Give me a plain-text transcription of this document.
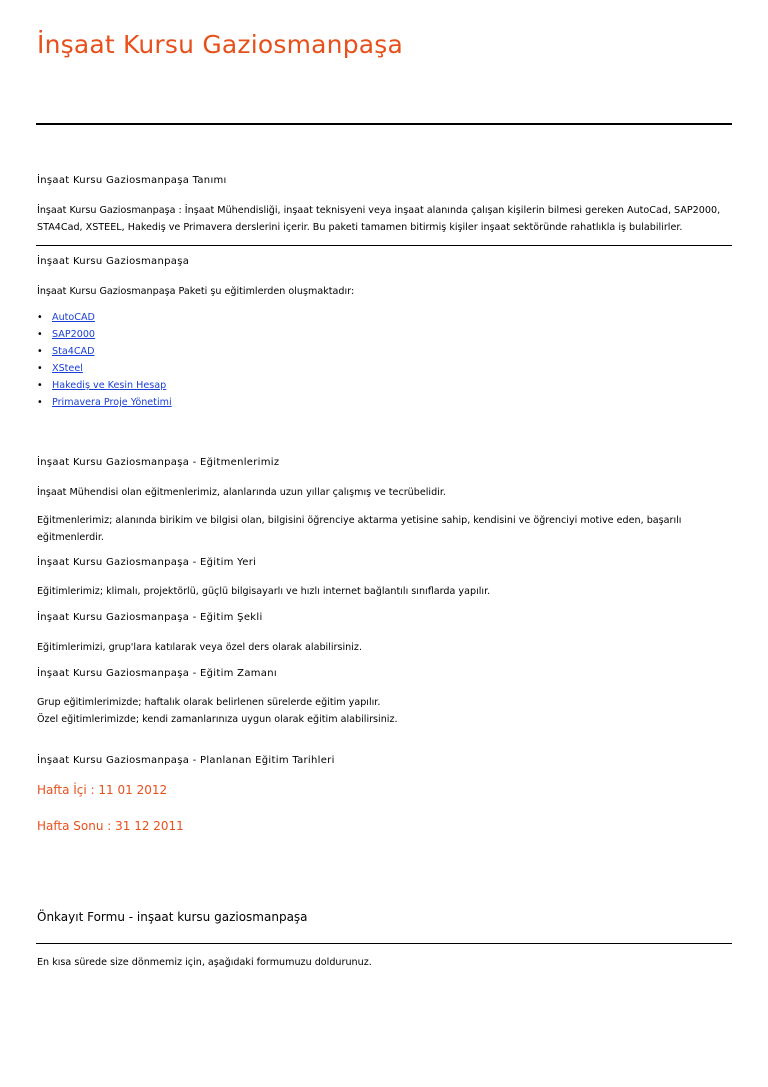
İnşaat Kursu Gaziosmanpaşa
İnşaat Kursu Gaziosmanpaşa Tanımı
İnşaat Kursu Gaziosmanpaşa : İnşaat Mühendisliği, inşaat teknisyeni veya inşaat alanında çalışan kişilerin bilmesi gereken AutoCad, SAP2000,
STA4Cad, XSTEEL, Hakediş ve Primavera derslerini içerir. Bu paketi tamamen bitirmiş kişiler inşaat sektöründe rahatlıkla iş bulabilirler.
İnşaat Kursu Gaziosmanpaşa
İnşaat Kursu Gaziosmanpaşa Paketi şu eğitimlerden oluşmaktadır:
• AutoCAD
• SAP2000
• Sta4CAD
• XSteel
• Hakediş ve Kesin Hesap
• Primavera Proje Yönetimi
İnşaat Kursu Gaziosmanpaşa - Eğitmenlerimiz
İnşaat Mühendisi olan eğitmenlerimiz, alanlarında uzun yıllar çalışmış ve tecrübelidir.
Eğitmenlerimiz; alanında birikim ve bilgisi olan, bilgisini öğrenciye aktarma yetisine sahip, kendisini ve öğrenciyi motive eden, başarılı
eğitmenlerdir.
İnşaat Kursu Gaziosmanpaşa - Eğitim Yeri
Eğitimlerimiz; klimalı, projektörlü, güçlü bilgisayarlı ve hızlı internet bağlantılı sınıflarda yapılır.
İnşaat Kursu Gaziosmanpaşa - Eğitim Şekli
Eğitimlerimizi, grup'lara katılarak veya özel ders olarak alabilirsiniz.
İnşaat Kursu Gaziosmanpaşa - Eğitim Zamanı
Grup eğitimlerimizde; haftalık olarak belirlenen sürelerde eğitim yapılır.
Özel eğitimlerimizde; kendi zamanlarınıza uygun olarak eğitim alabilirsiniz.
İnşaat Kursu Gaziosmanpaşa - Planlanan Eğitim Tarihleri
Hafta İçi : 11 01 2012
Hafta Sonu : 31 12 2011
Önkayıt Formu - inşaat kursu gaziosmanpaşa
En kısa sürede size dönmemiz için, aşağıdaki formumuzu doldurunuz.
